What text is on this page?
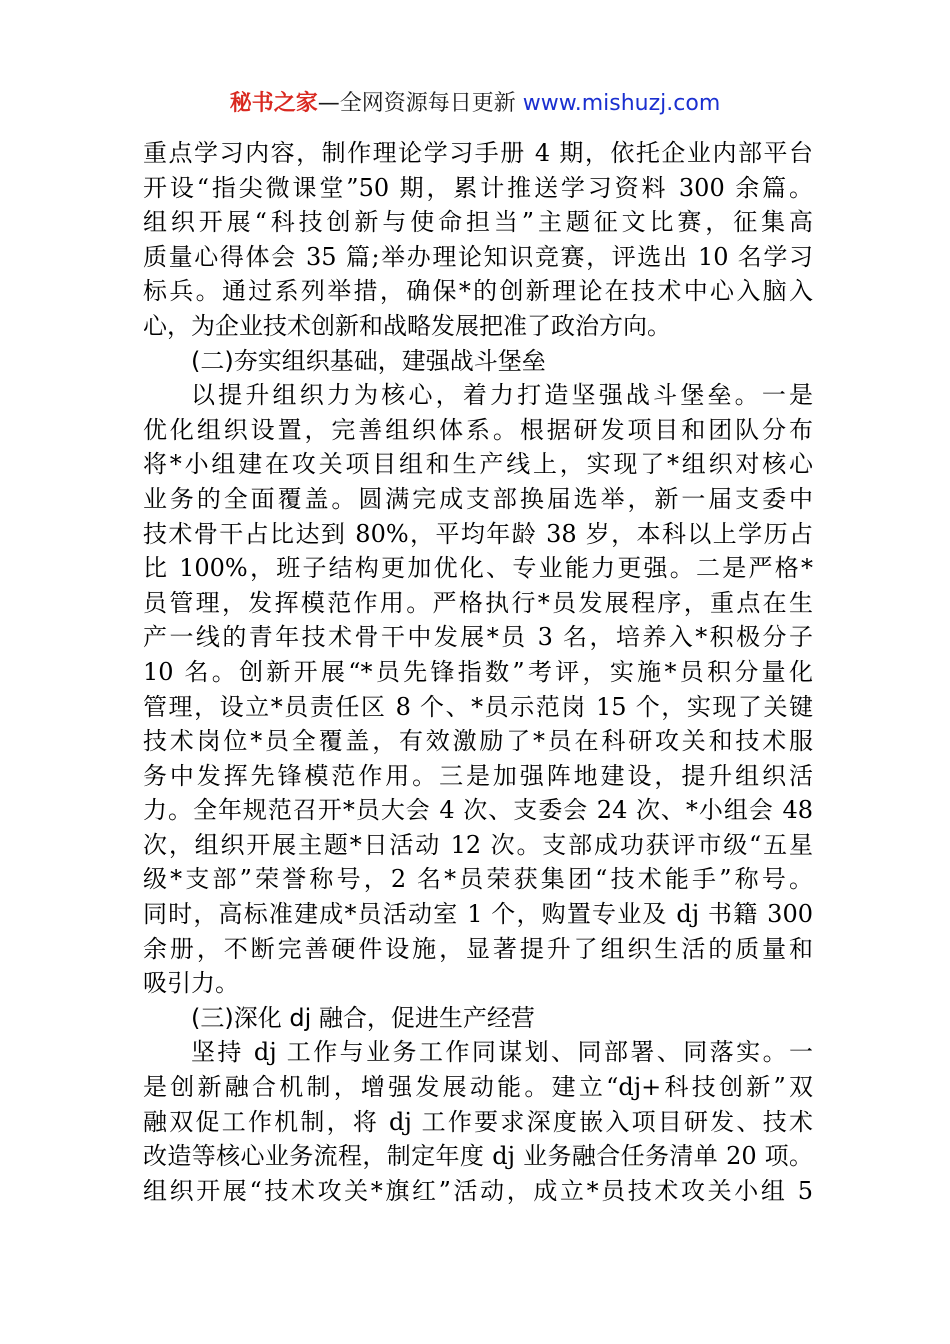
秘书之家—全网资源每日更新 www.mishuzj.com
重点学习内容，制作理论学习手册 4 期，依托企业内部平台
开设“指尖微课堂”50 期，累计推送学习资料 300 余篇。
组织开展“科技创新与使命担当”主题征文比赛，征集高
质量心得体会 35 篇;举办理论知识竞赛，评选出 10 名学习
标兵。通过系列举措，确保*的创新理论在技术中心入脑入
心，为企业技术创新和战略发展把准了政治方向。
(二)夯实组织基础，建强战斗堡垒
以提升组织力为核心，着力打造坚强战斗堡垒。一是
优化组织设置，完善组织体系。根据研发项目和团队分布
将*小组建在攻关项目组和生产线上，实现了*组织对核心
业务的全面覆盖。圆满完成支部换届选举，新一届支委中
技术骨干占比达到 80%，平均年龄 38 岁，本科以上学历占
比 100%，班子结构更加优化、专业能力更强。二是严格*
员管理，发挥模范作用。严格执行*员发展程序，重点在生
产一线的青年技术骨干中发展*员 3 名，培养入*积极分子
10 名。创新开展“*员先锋指数”考评，实施*员积分量化
管理，设立*员责任区 8 个、*员示范岗 15 个，实现了关键
技术岗位*员全覆盖，有效激励了*员在科研攻关和技术服
务中发挥先锋模范作用。三是加强阵地建设，提升组织活
力。全年规范召开*员大会 4 次、支委会 24 次、*小组会 48
次，组织开展主题*日活动 12 次。支部成功获评市级“五星
级*支部”荣誉称号，2 名*员荣获集团“技术能手”称号。
同时，高标准建成*员活动室 1 个，购置专业及 dj 书籍 300
余册，不断完善硬件设施，显著提升了组织生活的质量和
吸引力。
(三)深化 dj 融合，促进生产经营
坚持 dj 工作与业务工作同谋划、同部署、同落实。一
是创新融合机制，增强发展动能。建立“dj+科技创新”双
融双促工作机制，将 dj 工作要求深度嵌入项目研发、技术
改造等核心业务流程，制定年度 dj 业务融合任务清单 20 项。
组织开展“技术攻关*旗红”活动，成立*员技术攻关小组 5
